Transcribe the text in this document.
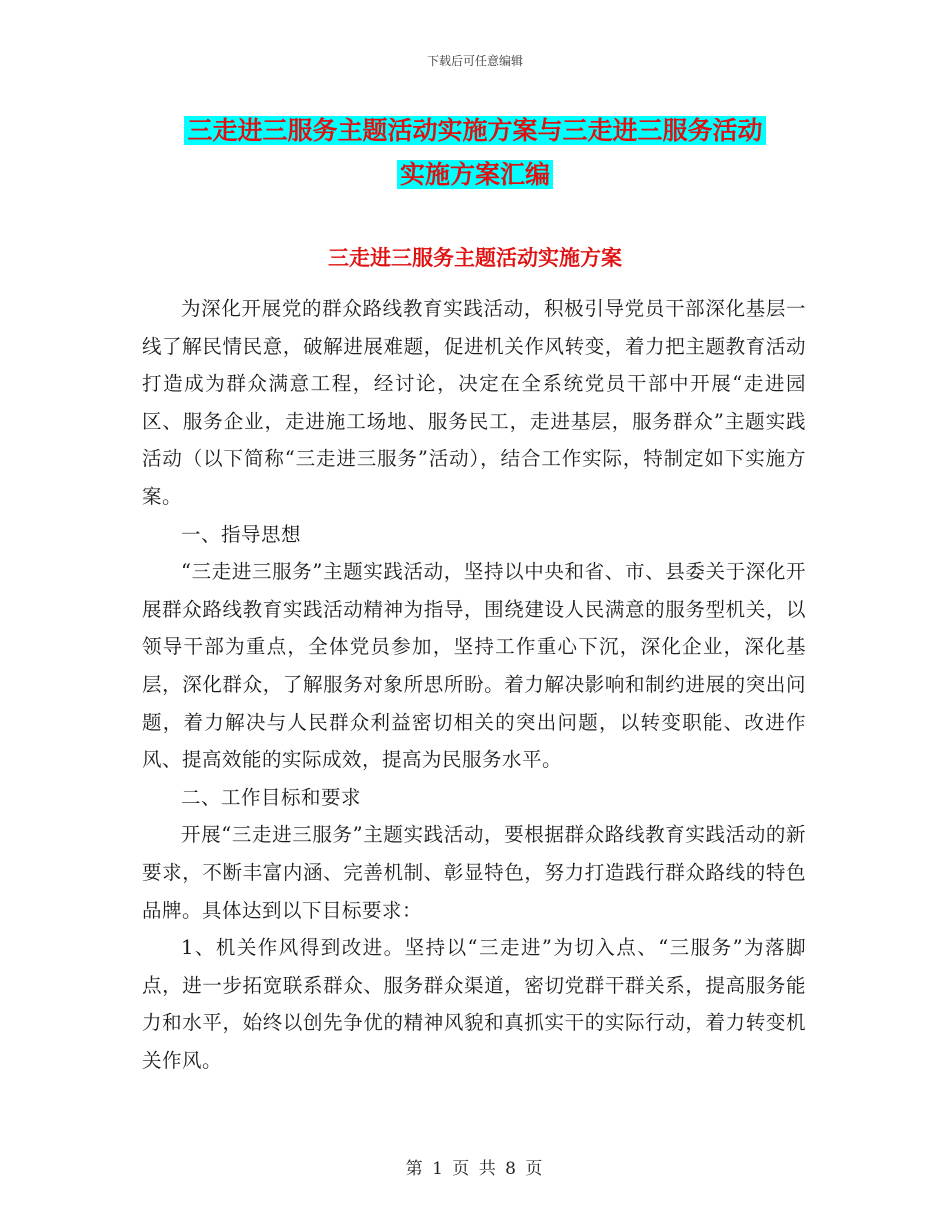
下载后可任意编辑
三走进三服务主题活动实施方案与三走进三服务活动
实施方案汇编
三走进三服务主题活动实施方案

为深化开展党的群众路线教育实践活动，积极引导党员干部深化基层一线了解民情民意，破解进展难题，促进机关作风转变，着力把主题教育活动打造成为群众满意工程，经讨论，决定在全系统党员干部中开展“走进园区、服务企业，走进施工场地、服务民工，走进基层，服务群众”主题实践活动（以下简称“三走进三服务”活动），结合工作实际，特制定如下实施方案。

一、指导思想

“三走进三服务”主题实践活动，坚持以中央和省、市、县委关于深化开展群众路线教育实践活动精神为指导，围绕建设人民满意的服务型机关，以领导干部为重点，全体党员参加，坚持工作重心下沉，深化企业，深化基层，深化群众，了解服务对象所思所盼。着力解决影响和制约进展的突出问题，着力解决与人民群众利益密切相关的突出问题，以转变职能、改进作风、提高效能的实际成效，提高为民服务水平。

二、工作目标和要求

开展“三走进三服务”主题实践活动，要根据群众路线教育实践活动的新要求，不断丰富内涵、完善机制、彰显特色，努力打造践行群众路线的特色品牌。具体达到以下目标要求：

1、机关作风得到改进。坚持以“三走进”为切入点、“三服务”为落脚点，进一步拓宽联系群众、服务群众渠道，密切党群干群关系，提高服务能力和水平，始终以创先争优的精神风貌和真抓实干的实际行动，着力转变机关作风。

第 1 页 共 8 页
